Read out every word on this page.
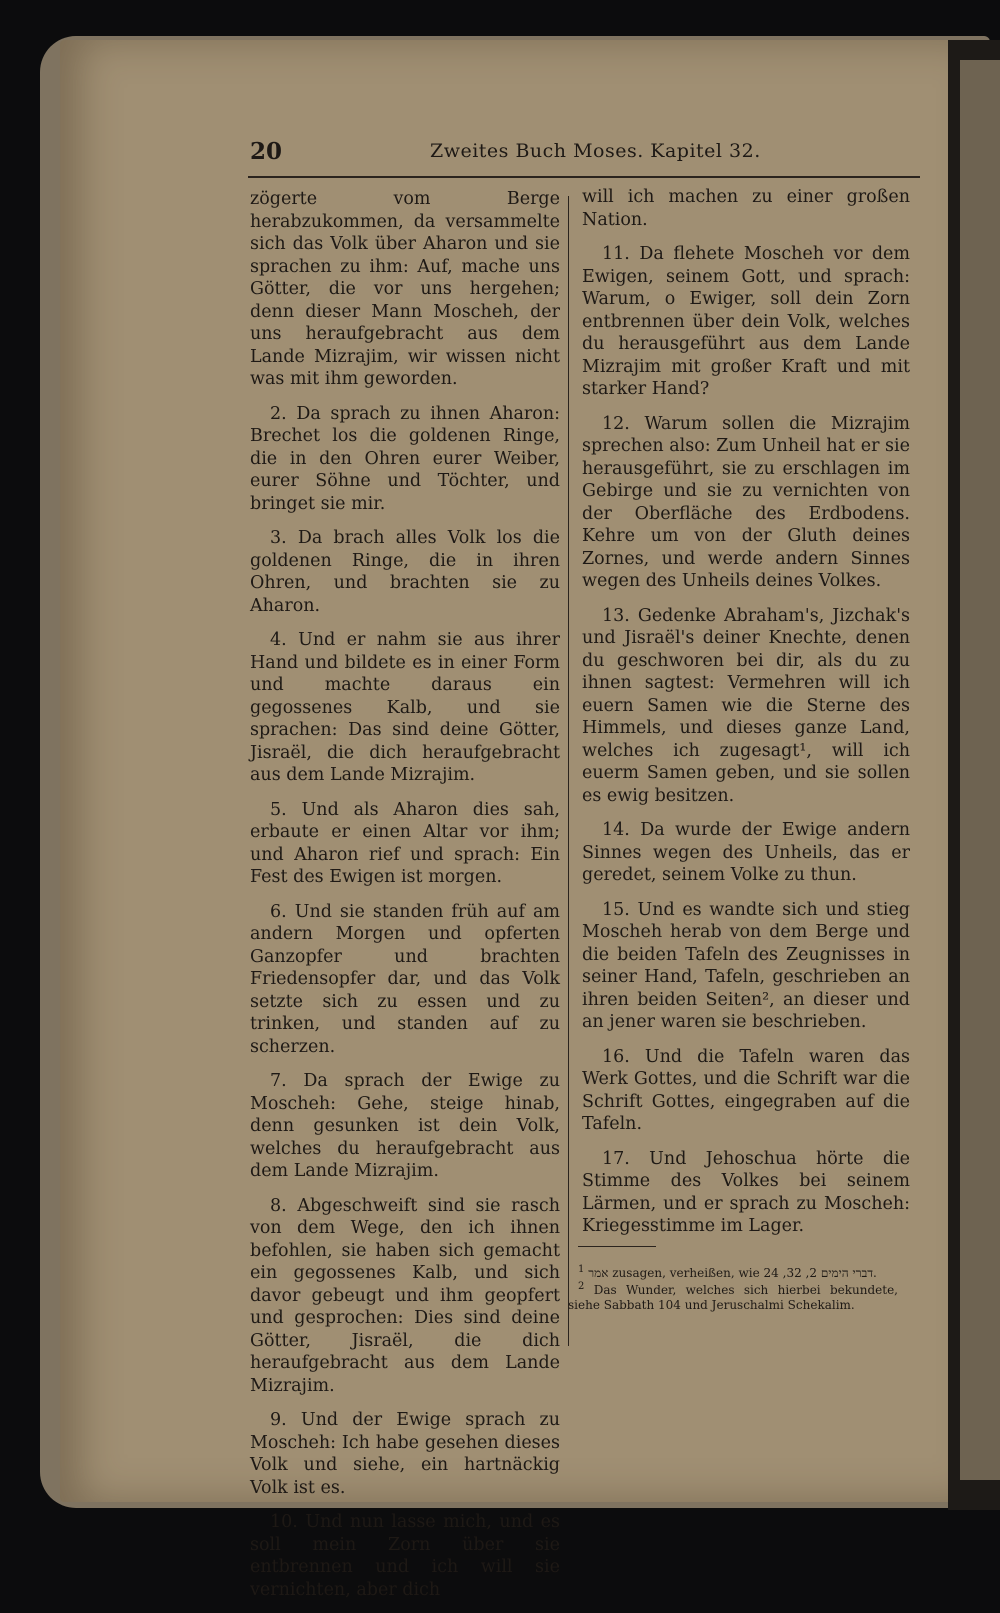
20	Zweites Buch Moses. Kapitel 32.

zögerte vom Berge herabzukommen, da versammelte sich das Volk über Aharon und sie sprachen zu ihm: Auf, mache uns Götter, die vor uns hergehen; denn dieser Mann Moscheh, der uns heraufgebracht aus dem Lande Mizrajim, wir wissen nicht was mit ihm geworden.

2. Da sprach zu ihnen Aharon: Brechet los die goldenen Ringe, die in den Ohren eurer Weiber, eurer Söhne und Töchter, und bringet sie mir.

3. Da brach alles Volk los die goldenen Ringe, die in ihren Ohren, und brachten sie zu Aharon.

4. Und er nahm sie aus ihrer Hand und bildete es in einer Form und machte daraus ein gegossenes Kalb, und sie sprachen: Das sind deine Götter, Jisraël, die dich heraufgebracht aus dem Lande Mizrajim.

5. Und als Aharon dies sah, erbaute er einen Altar vor ihm; und Aharon rief und sprach: Ein Fest des Ewigen ist morgen.

6. Und sie standen früh auf am andern Morgen und opferten Ganzopfer und brachten Friedensopfer dar, und das Volk setzte sich zu essen und zu trinken, und standen auf zu scherzen.

7. Da sprach der Ewige zu Moscheh: Gehe, steige hinab, denn gesunken ist dein Volk, welches du heraufgebracht aus dem Lande Mizrajim.

8. Abgeschweift sind sie rasch von dem Wege, den ich ihnen befohlen, sie haben sich gemacht ein gegossenes Kalb, und sich davor gebeugt und ihm geopfert und gesprochen: Dies sind deine Götter, Jisraël, die dich heraufgebracht aus dem Lande Mizrajim.

9. Und der Ewige sprach zu Moscheh: Ich habe gesehen dieses Volk und siehe, ein hartnäckig Volk ist es.

10. Und nun lasse mich, und es soll mein Zorn über sie entbrennen und ich will sie vernichten, aber dich

will ich machen zu einer großen Nation.

11. Da flehete Moscheh vor dem Ewigen, seinem Gott, und sprach: Warum, o Ewiger, soll dein Zorn entbrennen über dein Volk, welches du herausgeführt aus dem Lande Mizrajim mit großer Kraft und mit starker Hand?

12. Warum sollen die Mizrajim sprechen also: Zum Unheil hat er sie herausgeführt, sie zu erschlagen im Gebirge und sie zu vernichten von der Oberfläche des Erdbodens. Kehre um von der Gluth deines Zornes, und werde andern Sinnes wegen des Unheils deines Volkes.

13. Gedenke Abraham's, Jizchak's und Jisraël's deiner Knechte, denen du geschworen bei dir, als du zu ihnen sagtest: Vermehren will ich euern Samen wie die Sterne des Himmels, und dieses ganze Land, welches ich zugesagt¹, will ich euerm Samen geben, und sie sollen es ewig besitzen.

14. Da wurde der Ewige andern Sinnes wegen des Unheils, das er geredet, seinem Volke zu thun.

15. Und es wandte sich und stieg Moscheh herab von dem Berge und die beiden Tafeln des Zeugnisses in seiner Hand, Tafeln, geschrieben an ihren beiden Seiten², an dieser und an jener waren sie beschrieben.

16. Und die Tafeln waren das Werk Gottes, und die Schrift war die Schrift Gottes, eingegraben auf die Tafeln.

17. Und Jehoschua hörte die Stimme des Volkes bei seinem Lärmen, und er sprach zu Moscheh: Kriegesstimme im Lager.

$^1$ אמר zusagen, verheißen, wie דברי הימים 2, 32, 24.

$^2$ Das Wunder, welches sich hierbei bekundete, siehe Sabbath 104 und Jeruschalmi Schekalim.
